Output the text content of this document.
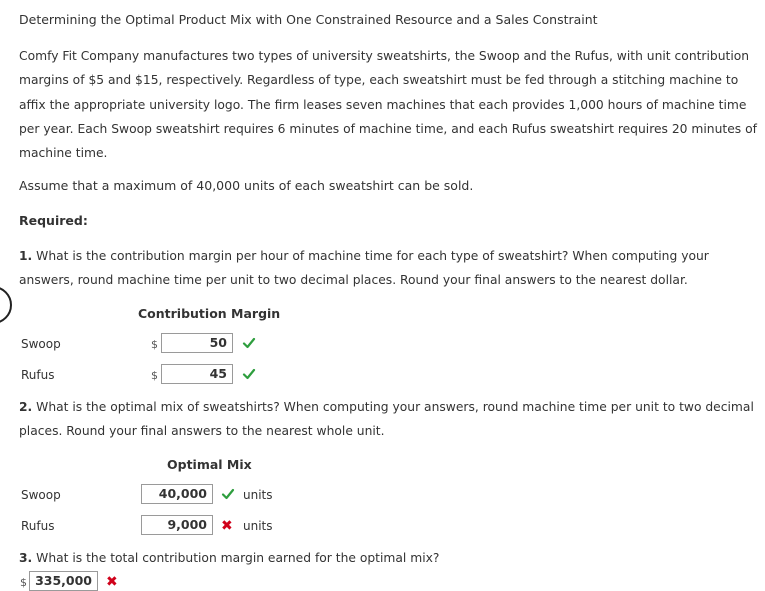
Determining the Optimal Product Mix with One Constrained Resource and a Sales Constraint
Comfy Fit Company manufactures two types of university sweatshirts, the Swoop and the Rufus, with unit contribution margins of $5 and $15, respectively. Regardless of type, each sweatshirt must be fed through a stitching machine to affix the appropriate university logo. The firm leases seven machines that each provides 1,000 hours of machine time per year. Each Swoop sweatshirt requires 6 minutes of machine time, and each Rufus sweatshirt requires 20 minutes of machine time.
Assume that a maximum of 40,000 units of each sweatshirt can be sold.
Required:
1. What is the contribution margin per hour of machine time for each type of sweatshirt? When computing your answers, round machine time per unit to two decimal places. Round your final answers to the nearest dollar.
Contribution Margin
Swoop	$	50
Rufus	$	45
2. What is the optimal mix of sweatshirts? When computing your answers, round machine time per unit to two decimal places. Round your final answers to the nearest whole unit.
Optimal Mix
Swoop	40,000	units
Rufus	9,000	✖ units
3. What is the total contribution margin earned for the optimal mix?
$ 335,000	✖
